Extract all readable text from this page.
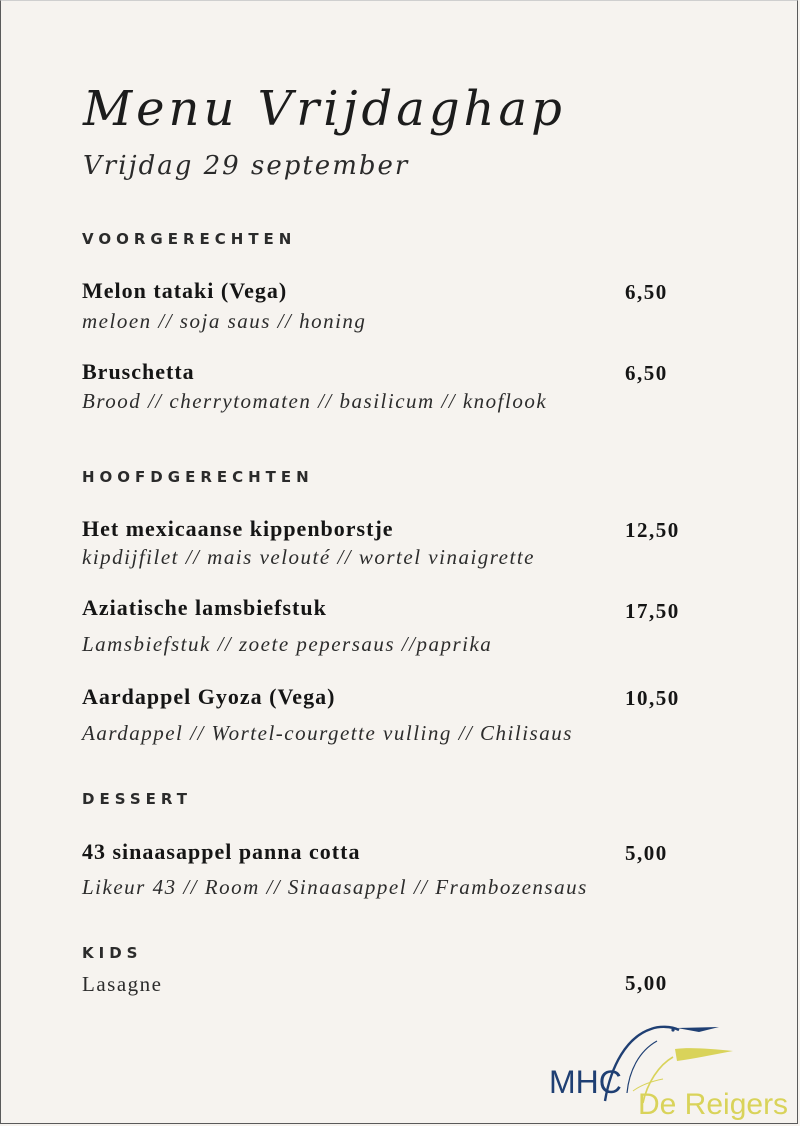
Menu Vrijdaghap
Vrijdag 29 september
VOORGERECHTEN
Melon tataki (Vega)	6,50
meloen // soja saus // honing
Bruschetta	6,50
Brood // cherrytomaten // basilicum // knoflook
HOOFDGERECHTEN
Het mexicaanse kippenborstje	12,50
kipdijfilet // mais velouté // wortel vinaigrette
Aziatische lamsbiefstuk	17,50
Lamsbiefstuk // zoete pepersaus //paprika
Aardappel Gyoza (Vega)	10,50
Aardappel // Wortel-courgette vulling // Chilisaus
DESSERT
43 sinaasappel panna cotta	5,00
Likeur 43 // Room // Sinaasappel // Frambozensaus
KIDS
Lasagne	5,00
MHC
De Reigers
